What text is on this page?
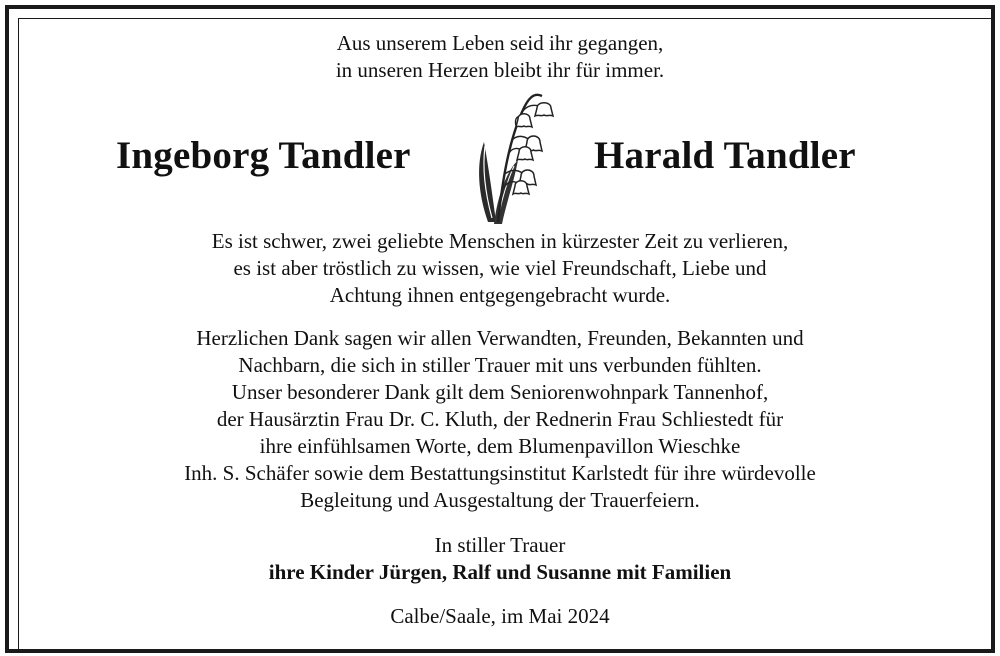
Aus unserem Leben seid ihr gegangen,
in unseren Herzen bleibt ihr für immer.
Ingeborg Tandler	Harald Tandler
Es ist schwer, zwei geliebte Menschen in kürzester Zeit zu verlieren,
es ist aber tröstlich zu wissen, wie viel Freundschaft, Liebe und
Achtung ihnen entgegengebracht wurde.
Herzlichen Dank sagen wir allen Verwandten, Freunden, Bekannten und
Nachbarn, die sich in stiller Trauer mit uns verbunden fühlten.
Unser besonderer Dank gilt dem Seniorenwohnpark Tannenhof,
der Hausärztin Frau Dr. C. Kluth, der Rednerin Frau Schliestedt für
ihre einfühlsamen Worte, dem Blumenpavillon Wieschke
Inh. S. Schäfer sowie dem Bestattungsinstitut Karlstedt für ihre würdevolle
Begleitung und Ausgestaltung der Trauerfeiern.
In stiller Trauer
ihre Kinder Jürgen, Ralf und Susanne mit Familien
Calbe/Saale, im Mai 2024
